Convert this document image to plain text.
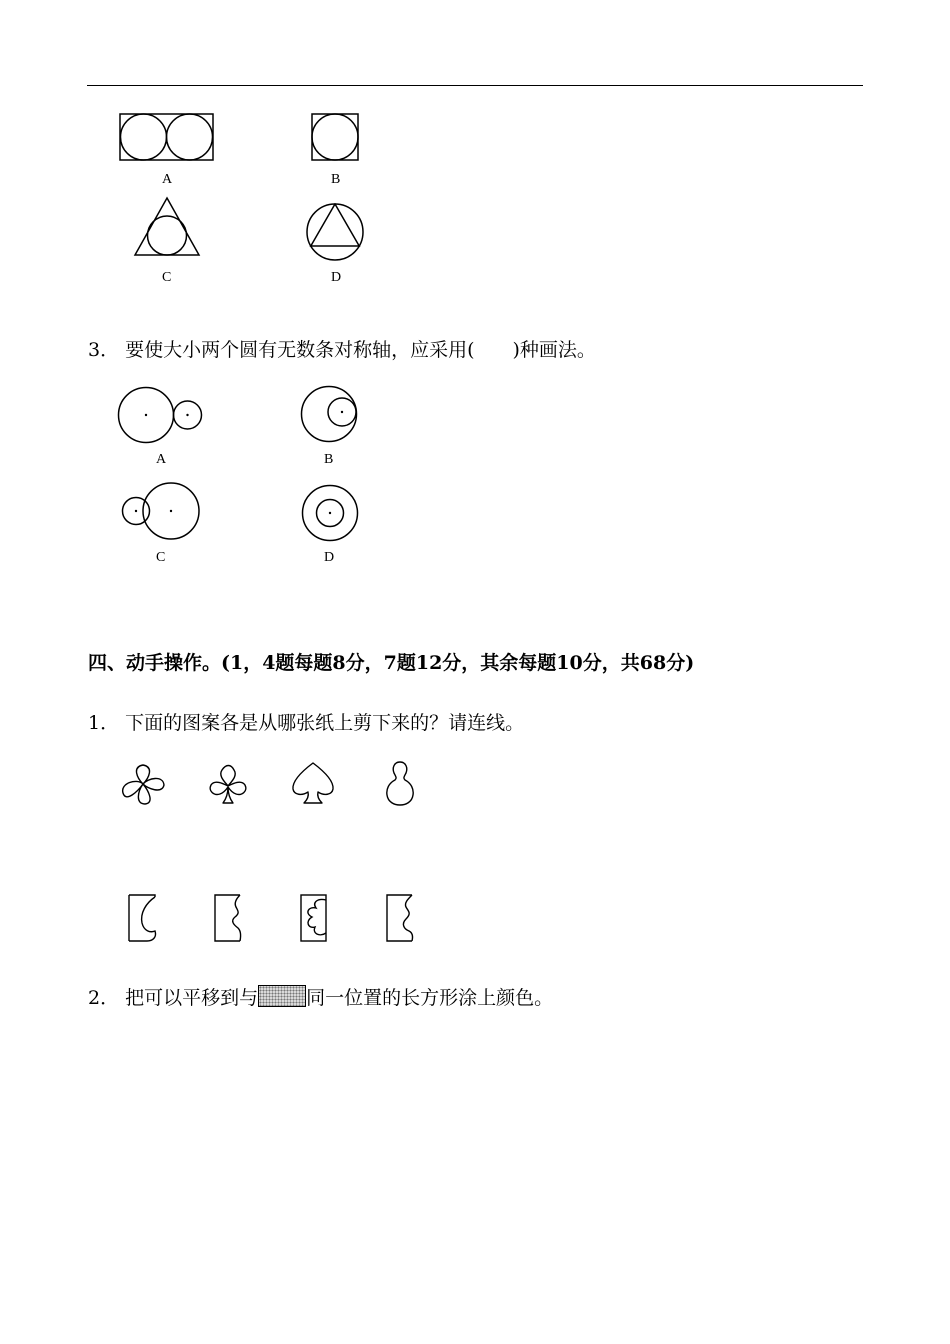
A	B
C	D
3． 要使大小两个圆有无数条对称轴，应采用( )种画法。
A	B
C	D
四、动手操作。(1，4题每题8分，7题12分，其余每题10分，共68分)
1． 下面的图案各是从哪张纸上剪下来的？请连线。
2． 把可以平移到与	同一位置的长方形涂上颜色。
